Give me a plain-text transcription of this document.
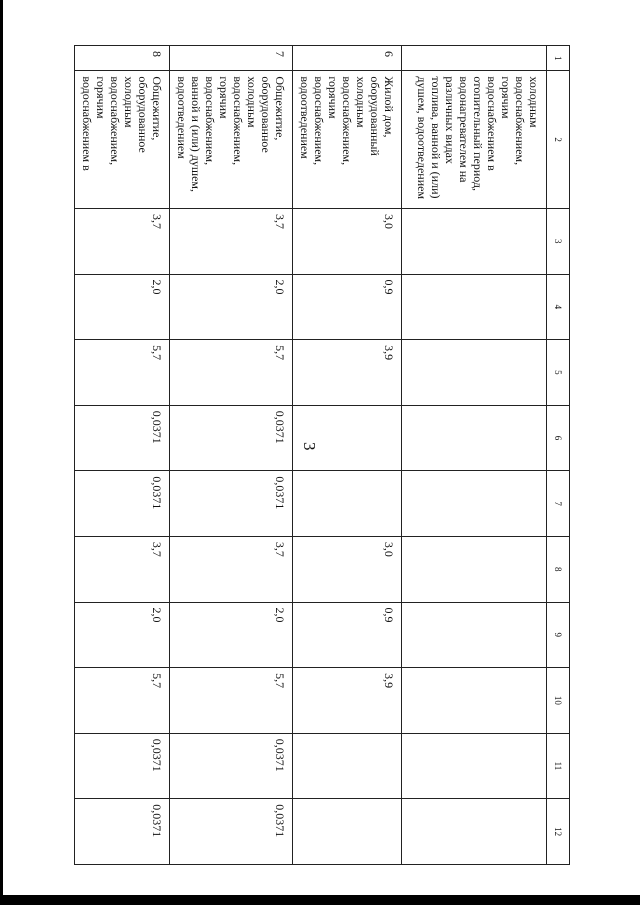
3
1	2	3	4	5	6	7	8	9	10	11	12
	холодным водоснабжением, горячим водоснабжением в отопительный период, водонагревателем на различных видах топлива, ванной и (или) душем, водоотведением										
6	Жилой дом, оборудованный холодным водоснабжением, горячим водоснабжением, водоотведением	3,0	0,9	3,9			3,0	0,9	3,9		
7	Общежитие, оборудованное холодным водоснабжением, горячим водоснабжением, ванной и (или) душем, водоотведением	3,7	2,0	5,7	0,0371	0,0371	3,7	2,0	5,7	0,0371	0,0371
8	Общежитие, оборудованное холодным водоснабжением, горячим водоснабжением в	3,7	2,0	5,7	0,0371	0,0371	3,7	2,0	5,7	0,0371	0,0371
